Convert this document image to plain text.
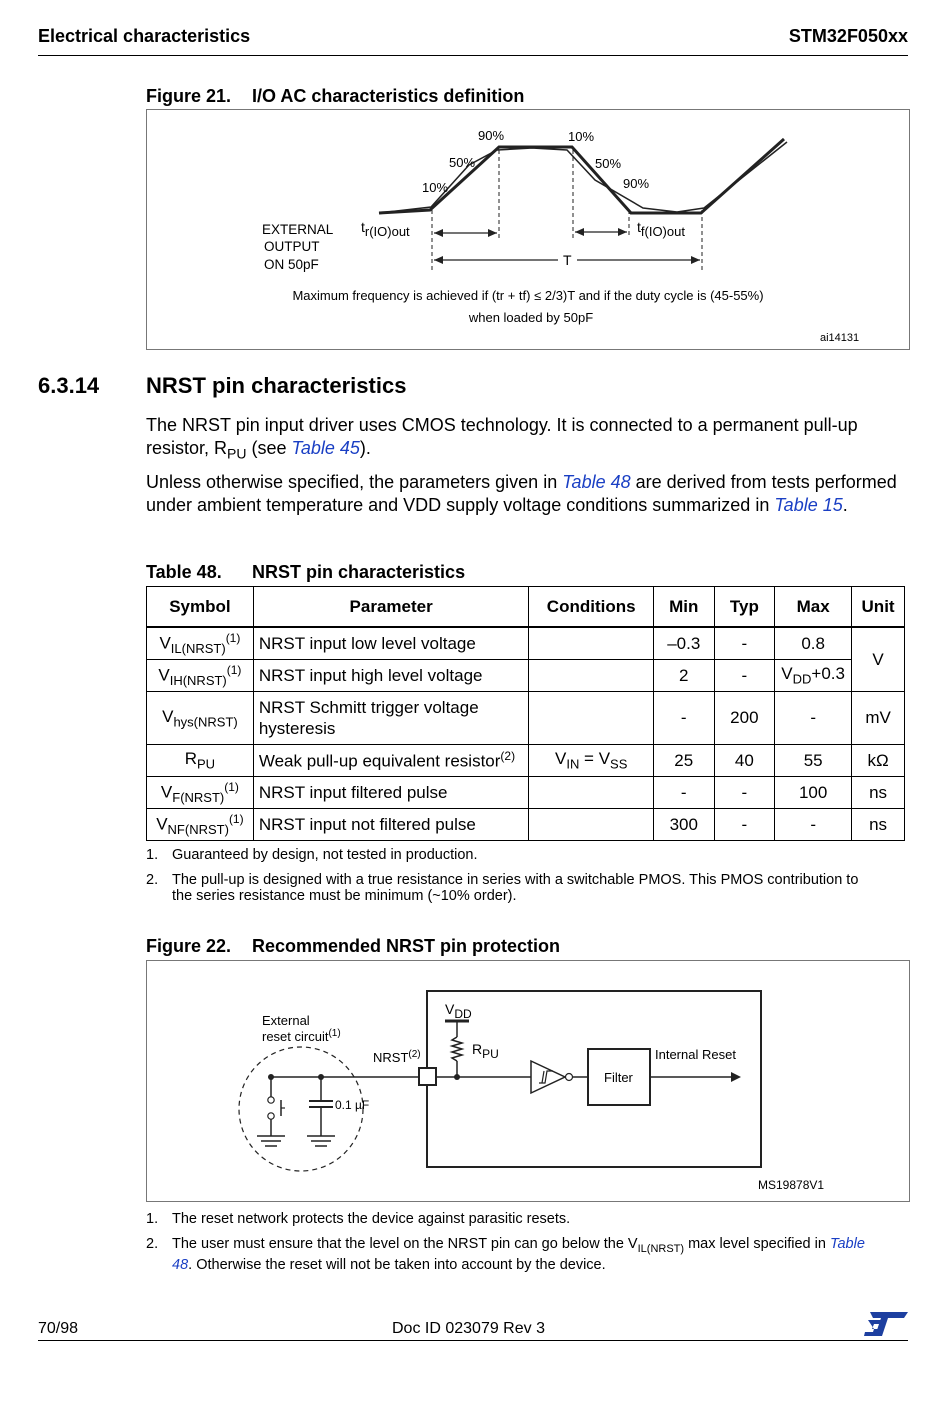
Electrical characteristics	STM32F050xx
Figure 21. I/O AC characteristics definition
90%	10%
50%	50%
10%	90%
EXTERNAL
OUTPUT
ON 50pF
tr(IO)out	tf(IO)out
T
Maximum frequency is achieved if (tr + tf) ≤ 2/3)T and if the duty cycle is (45-55%)
when loaded by 50pF
ai14131
6.3.14 NRST pin characteristics
The NRST pin input driver uses CMOS technology. It is connected to a permanent pull-up resistor, $R_{PU}$ (see Table 45).
Unless otherwise specified, the parameters given in Table 48 are derived from tests performed under ambient temperature and VDD supply voltage conditions summarized in Table 15.
Table 48. NRST pin characteristics
Symbol	Parameter	Conditions	Min	Typ	Max	Unit
$V_{IL(NRST)}^{(1)}$	NRST input low level voltage		–0.3	-	0.8	V
$V_{IH(NRST)}^{(1)}$	NRST input high level voltage		2	-	$V_{DD}+0.3$	
$V_{hys(NRST)}$	NRST Schmitt trigger voltage hysteresis		-	200	-	mV
$R_{PU}$	Weak pull-up equivalent resistor$^{(2)}$	$V_{IN} = V_{SS}$	25	40	55	kΩ
$V_{F(NRST)}^{(1)}$	NRST input filtered pulse		-	-	100	ns
$V_{NF(NRST)}^{(1)}$	NRST input not filtered pulse		300	-	-	ns
1. Guaranteed by design, not tested in production.
2. The pull-up is designed with a true resistance in series with a switchable PMOS. This PMOS contribution to the series resistance must be minimum (~10% order).
Figure 22. Recommended NRST pin protection
External
reset circuit$^{(1)}$
NRST$^{(2)}$
VDD
RPU
Filter
Internal Reset
0.1 µF
MS19878V1
1. The reset network protects the device against parasitic resets.
2. The user must ensure that the level on the NRST pin can go below the $V_{IL(NRST)}$ max level specified in Table 48. Otherwise the reset will not be taken into account by the device.
70/98	Doc ID 023079 Rev 3
